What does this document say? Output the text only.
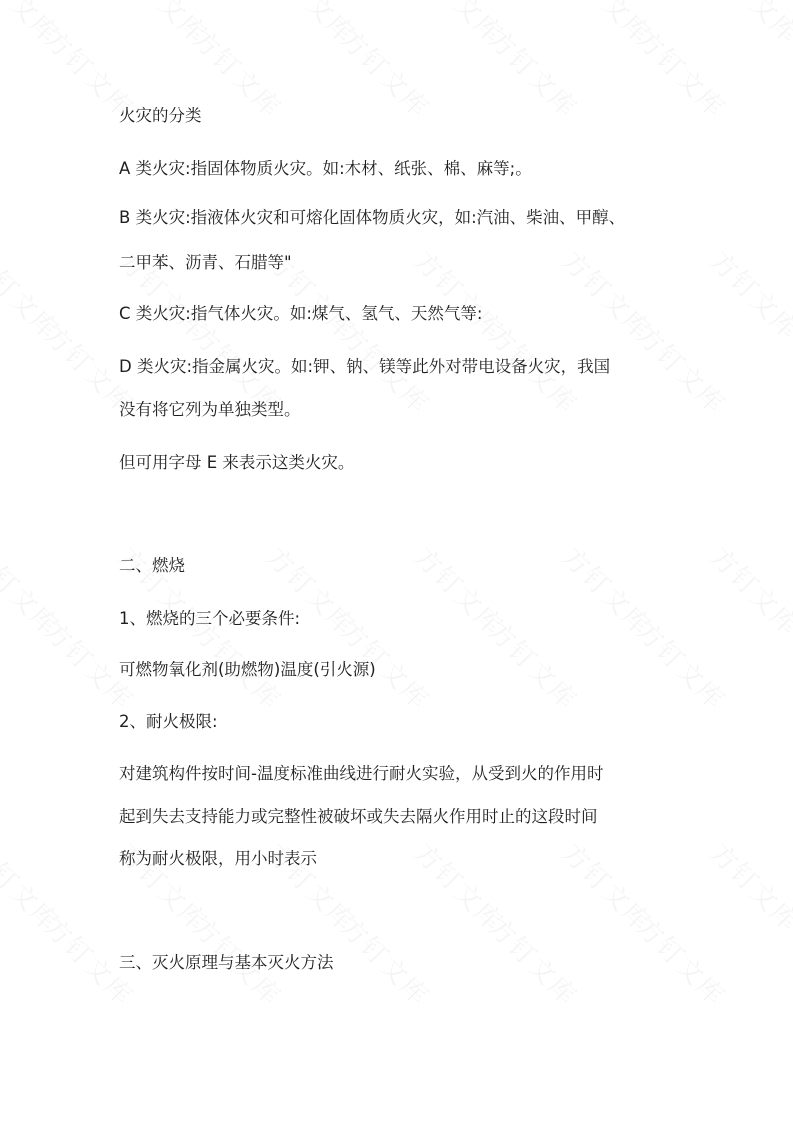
火灾的分类
A 类火灾:指固体物质火灾。如:木材、纸张、棉、麻等;。
B 类火灾:指液体火灾和可熔化固体物质火灾，如:汽油、柴油、甲醇、
二甲苯、沥青、石腊等"
C 类火灾:指气体火灾。如:煤气、氢气、天然气等:
D 类火灾:指金属火灾。如:钾、钠、镁等此外对带电设备火灾，我国
没有将它列为单独类型。
但可用字母 E 来表示这类火灾。
二、燃烧
1、燃烧的三个必要条件:
可燃物氧化剂(助燃物)温度(引火源)
2、耐火极限:
对建筑构件按时间-温度标准曲线进行耐火实验，从受到火的作用时
起到失去支持能力或完整性被破坏或失去隔火作用时止的这段时间
称为耐火极限，用小时表示
三、灭火原理与基本灭火方法
